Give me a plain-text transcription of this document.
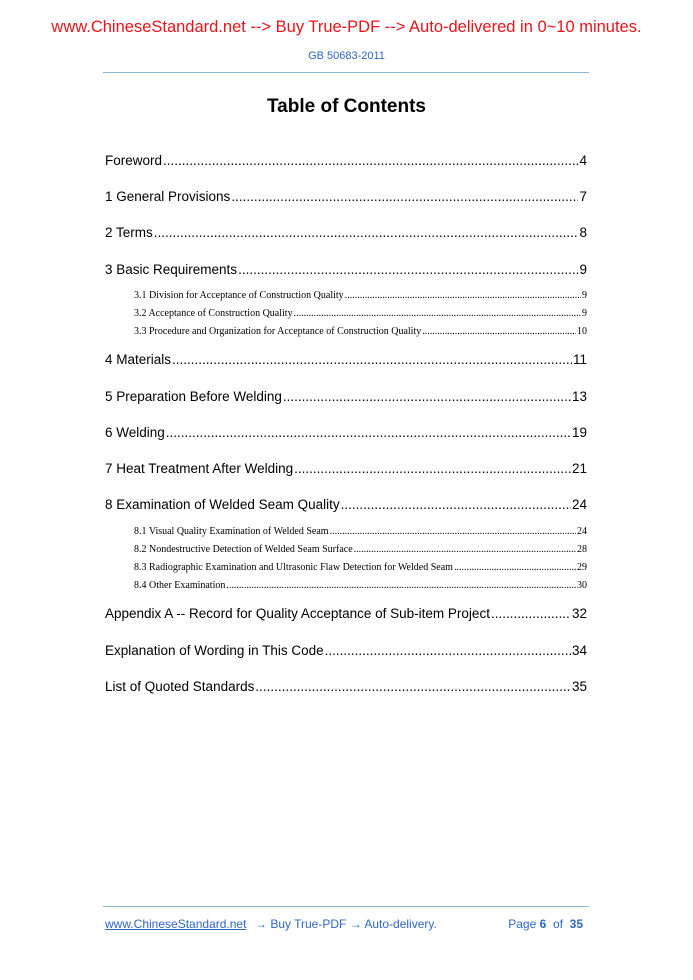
www.ChineseStandard.net --> Buy True-PDF --> Auto-delivered in 0~10 minutes.
GB 50683-2011
Table of Contents
Foreword .....	4
1 General Provisions .....	7
2 Terms .....	8
3 Basic Requirements .....	9
3.1 Division for Acceptance of Construction Quality .....	9
3.2 Acceptance of Construction Quality .....	9
3.3 Procedure and Organization for Acceptance of Construction Quality .....	10
4 Materials .....	11
5 Preparation Before Welding .....	13
6 Welding .....	19
7 Heat Treatment After Welding .....	21
8 Examination of Welded Seam Quality .....	24
8.1 Visual Quality Examination of Welded Seam .....	24
8.2 Nondestructive Detection of Welded Seam Surface .....	28
8.3 Radiographic Examination and Ultrasonic Flaw Detection for Welded Seam .....	29
8.4 Other Examination .....	30
Appendix A -- Record for Quality Acceptance of Sub-item Project .....	32
Explanation of Wording in This Code .....	34
List of Quoted Standards .....	35
www.ChineseStandard.net → Buy True-PDF → Auto-delivery.	Page 6 of 35
